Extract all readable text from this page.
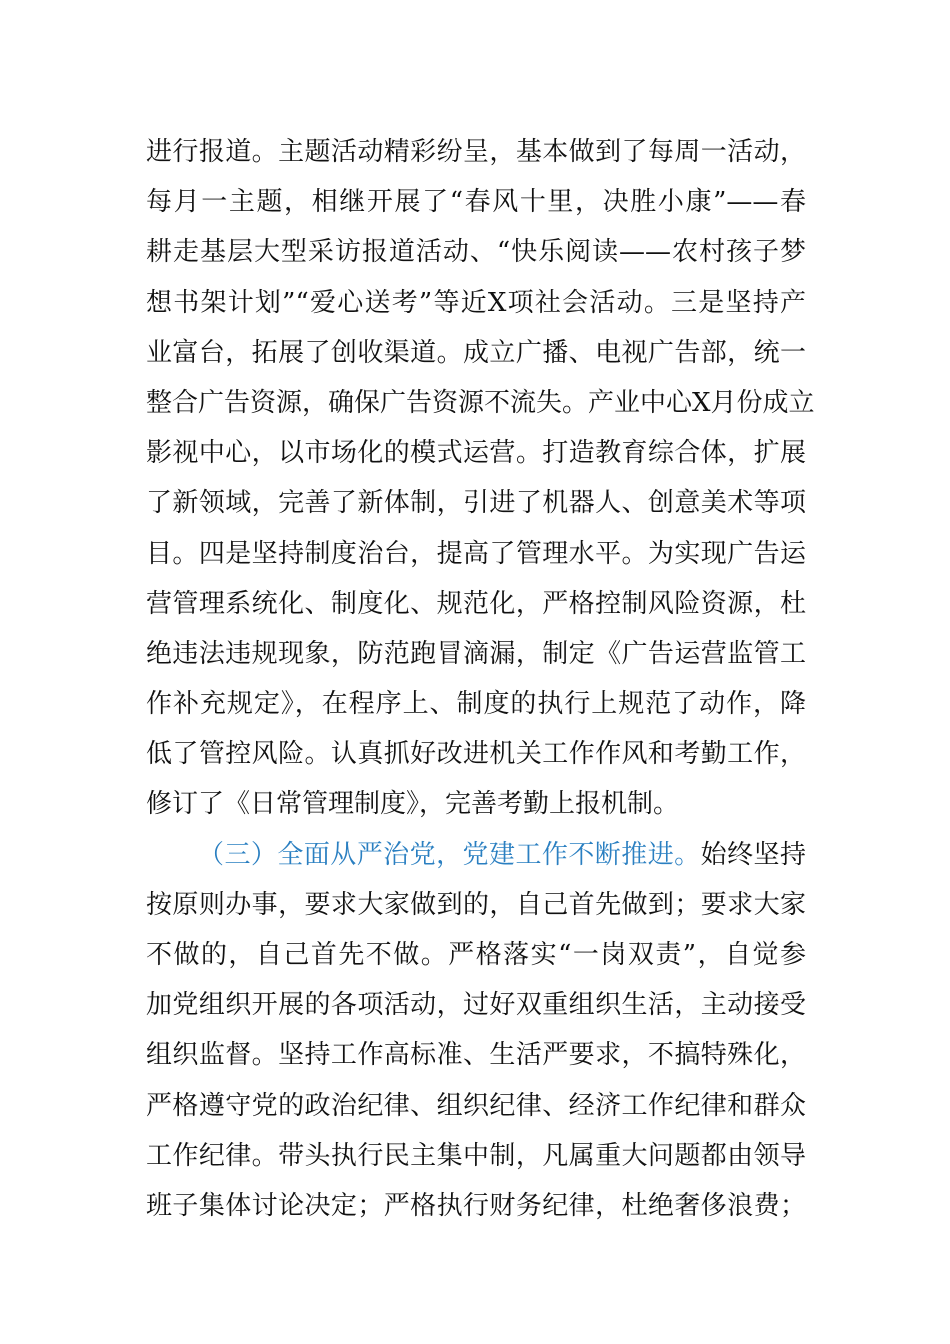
进行报道。主题活动精彩纷呈，基本做到了每周一活动，
每月一主题，相继开展了“春风十里，决胜小康”——春
耕走基层大型采访报道活动、“快乐阅读——农村孩子梦
想书架计划”“爱心送考”等近X项社会活动。三是坚持产
业富台，拓展了创收渠道。成立广播、电视广告部，统一
整合广告资源，确保广告资源不流失。产业中心X月份成立
影视中心，以市场化的模式运营。打造教育综合体，扩展
了新领域，完善了新体制，引进了机器人、创意美术等项
目。四是坚持制度治台，提高了管理水平。为实现广告运
营管理系统化、制度化、规范化，严格控制风险资源，杜
绝违法违规现象，防范跑冒滴漏，制定《广告运营监管工
作补充规定》，在程序上、制度的执行上规范了动作，降
低了管控风险。认真抓好改进机关工作作风和考勤工作，
修订了《日常管理制度》，完善考勤上报机制。
（三）全面从严治党，党建工作不断推进。始终坚持
按原则办事，要求大家做到的，自己首先做到；要求大家
不做的，自己首先不做。严格落实“一岗双责”，自觉参
加党组织开展的各项活动，过好双重组织生活，主动接受
组织监督。坚持工作高标准、生活严要求，不搞特殊化，
严格遵守党的政治纪律、组织纪律、经济工作纪律和群众
工作纪律。带头执行民主集中制，凡属重大问题都由领导
班子集体讨论决定；严格执行财务纪律，杜绝奢侈浪费；
